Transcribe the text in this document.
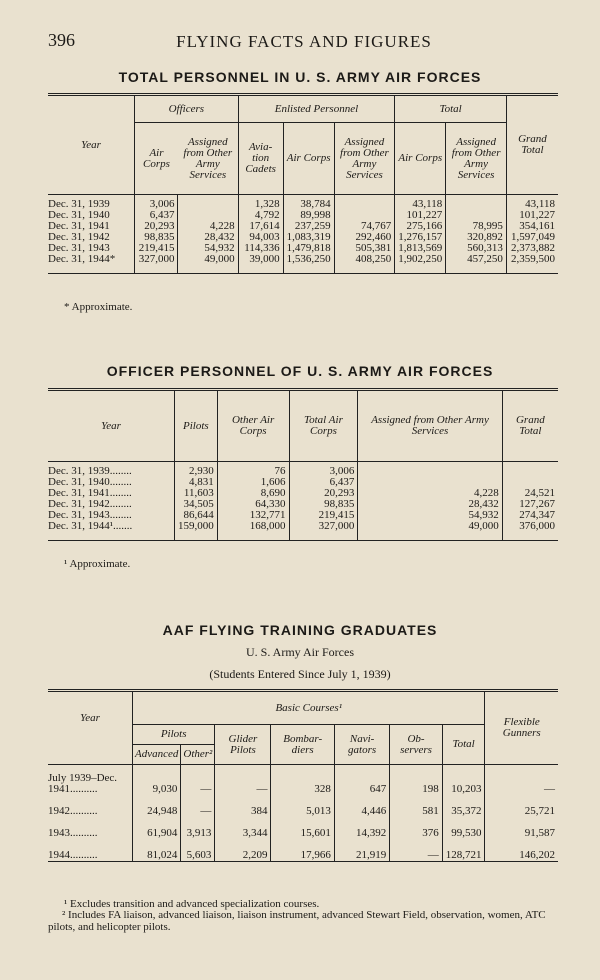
396	FLYING FACTS AND FIGURES
TOTAL PERSONNEL IN U. S. ARMY AIR FORCES
Year	Officers		Enlisted Personnel			Total		Grand Total
	Air Corps	Assigned from Other Army Services	Avia- tion Cadets	Air Corps	Assigned from Other Army Services	Air Corps	Assigned from Other Army Services	
Dec. 31, 1939	3,006		1,328	38,784		43,118		43,118
Dec. 31, 1940	6,437		4,792	89,998		101,227		101,227
Dec. 31, 1941	20,293	4,228	17,614	237,259	74,767	275,166	78,995	354,161
Dec. 31, 1942	98,835	28,432	94,003	1,083,319	292,460	1,276,157	320,892	1,597,049
Dec. 31, 1943	219,415	54,932	114,336	1,479,818	505,381	1,813,569	560,313	2,373,882
Dec. 31, 1944*	327,000	49,000	39,000	1,536,250	408,250	1,902,250	457,250	2,359,500
* Approximate.
OFFICER PERSONNEL OF U. S. ARMY AIR FORCES
Year	Pilots	Other Air Corps	Total Air Corps	Assigned from Other Army Services	Grand Total
Dec. 31, 1939........	2,930	76	3,006		
Dec. 31, 1940........	4,831	1,606	6,437		
Dec. 31, 1941........	11,603	8,690	20,293	4,228	24,521
Dec. 31, 1942........	34,505	64,330	98,835	28,432	127,267
Dec. 31, 1943........	86,644	132,771	219,415	54,932	274,347
Dec. 31, 1944¹.......	159,000	168,000	327,000	49,000	376,000
¹ Approximate.
AAF FLYING TRAINING GRADUATES
U. S. Army Air Forces
(Students Entered Since July 1, 1939)
Year	Basic Courses¹							Flexible Gunners
	Pilots		Glider Pilots	Bombar- diers	Navi- gators	Ob- servers	Total	
	Advanced	Other²						

July 1939–Dec.
1941..........	9,030	—	—	328	647	198	10,203	—
1942..........	24,948	—	384	5,013	4,446	581	35,372	25,721
1943..........	61,904	3,913	3,344	15,601	14,392	376	99,530	91,587
1944..........	81,024	5,603	2,209	17,966	21,919	—	128,721	146,202
¹ Excludes transition and advanced specialization courses.
² Includes FA liaison, advanced liaison, liaison instrument, advanced Stewart Field, observation, women, ATC pilots, and helicopter pilots.
